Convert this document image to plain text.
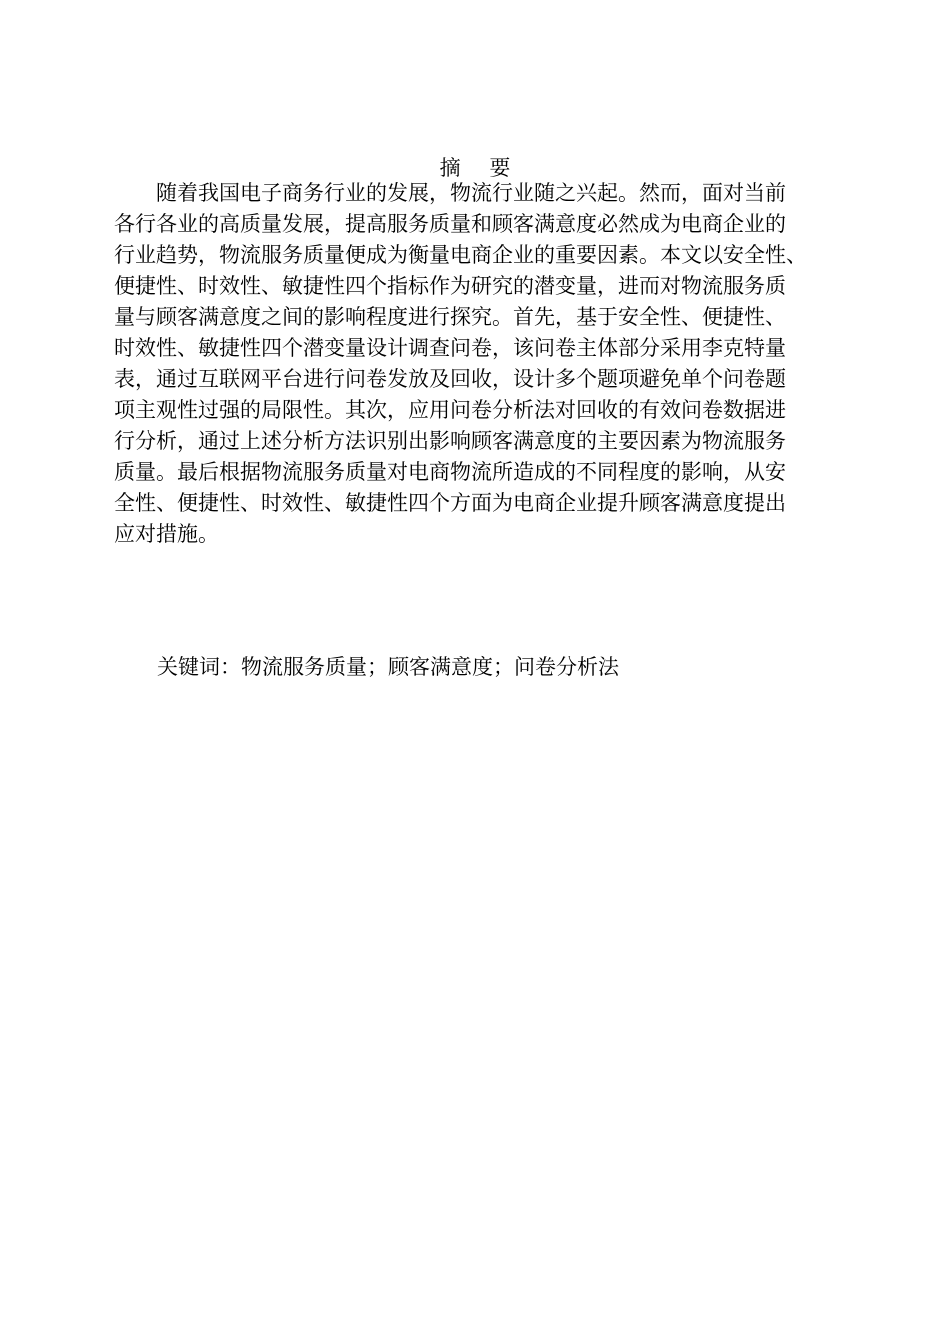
摘 要
随着我国电子商务行业的发展，物流行业随之兴起。然而，面对当前
各行各业的高质量发展，提高服务质量和顾客满意度必然成为电商企业的
行业趋势，物流服务质量便成为衡量电商企业的重要因素。本文以安全性、
便捷性、时效性、敏捷性四个指标作为研究的潜变量，进而对物流服务质
量与顾客满意度之间的影响程度进行探究。首先，基于安全性、便捷性、
时效性、敏捷性四个潜变量设计调查问卷，该问卷主体部分采用李克特量
表，通过互联网平台进行问卷发放及回收，设计多个题项避免单个问卷题
项主观性过强的局限性。其次，应用问卷分析法对回收的有效问卷数据进
行分析，通过上述分析方法识别出影响顾客满意度的主要因素为物流服务
质量。最后根据物流服务质量对电商物流所造成的不同程度的影响，从安
全性、便捷性、时效性、敏捷性四个方面为电商企业提升顾客满意度提出
应对措施。

关键词：物流服务质量；顾客满意度；问卷分析法
